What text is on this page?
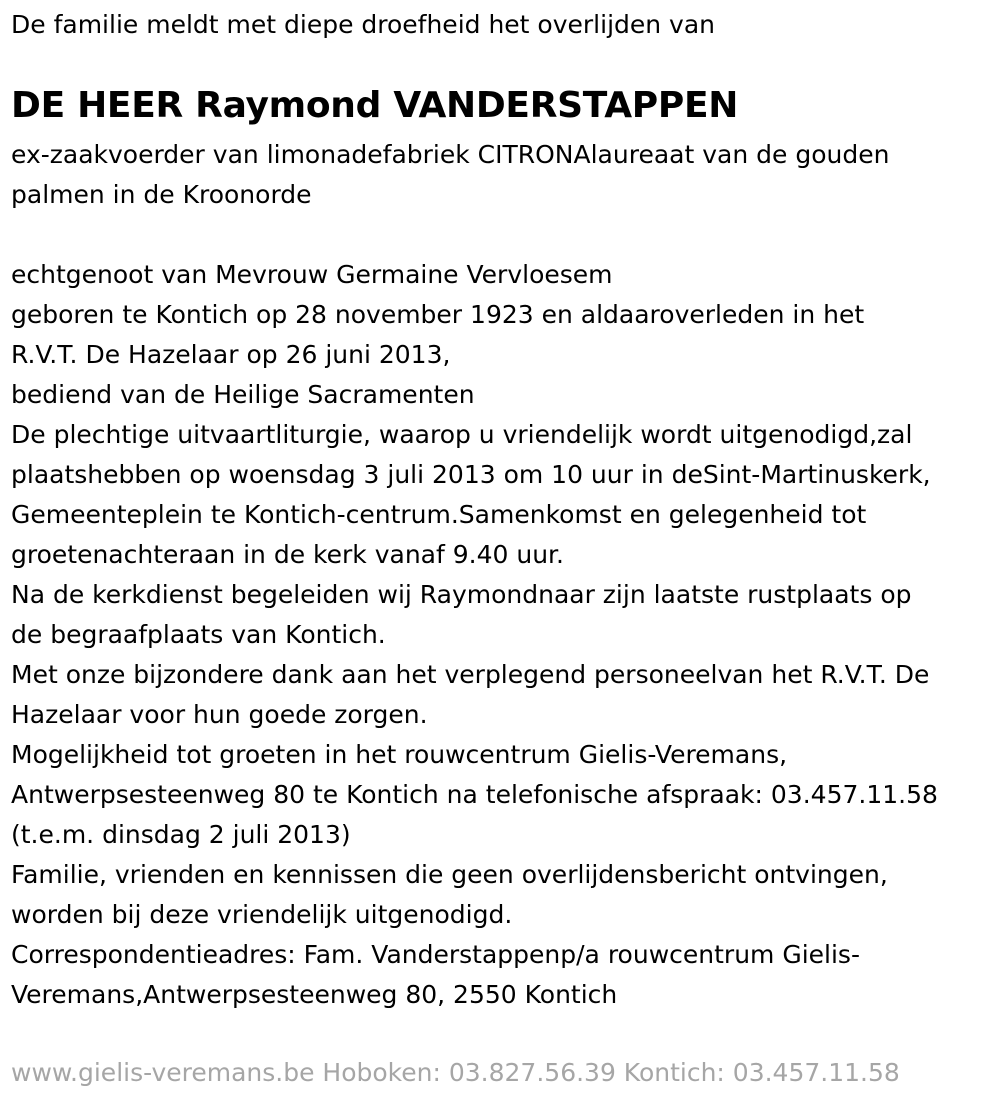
De familie meldt met diepe droefheid het overlijden van
DE HEER Raymond VANDERSTAPPEN
ex-zaakvoerder van limonadefabriek CITRONAlaureaat van de gouden
palmen in de Kroonorde
echtgenoot van Mevrouw Germaine Vervloesem
geboren te Kontich op 28 november 1923 en aldaaroverleden in het
R.V.T. De Hazelaar op 26 juni 2013,
bediend van de Heilige Sacramenten
De plechtige uitvaartliturgie, waarop u vriendelijk wordt uitgenodigd,zal
plaatshebben op woensdag 3 juli 2013 om 10 uur in deSint-Martinuskerk,
Gemeenteplein te Kontich-centrum.Samenkomst en gelegenheid tot
groetenachteraan in de kerk vanaf 9.40 uur.
Na de kerkdienst begeleiden wij Raymondnaar zijn laatste rustplaats op
de begraafplaats van Kontich.
Met onze bijzondere dank aan het verplegend personeelvan het R.V.T. De
Hazelaar voor hun goede zorgen.
Mogelijkheid tot groeten in het rouwcentrum Gielis-Veremans,
Antwerpsesteenweg 80 te Kontich na telefonische afspraak: 03.457.11.58
(t.e.m. dinsdag 2 juli 2013)
Familie, vrienden en kennissen die geen overlijdensbericht ontvingen,
worden bij deze vriendelijk uitgenodigd.
Correspondentieadres: Fam. Vanderstappenp/a rouwcentrum Gielis-
Veremans,Antwerpsesteenweg 80, 2550 Kontich
www.gielis-veremans.be Hoboken: 03.827.56.39 Kontich: 03.457.11.58
